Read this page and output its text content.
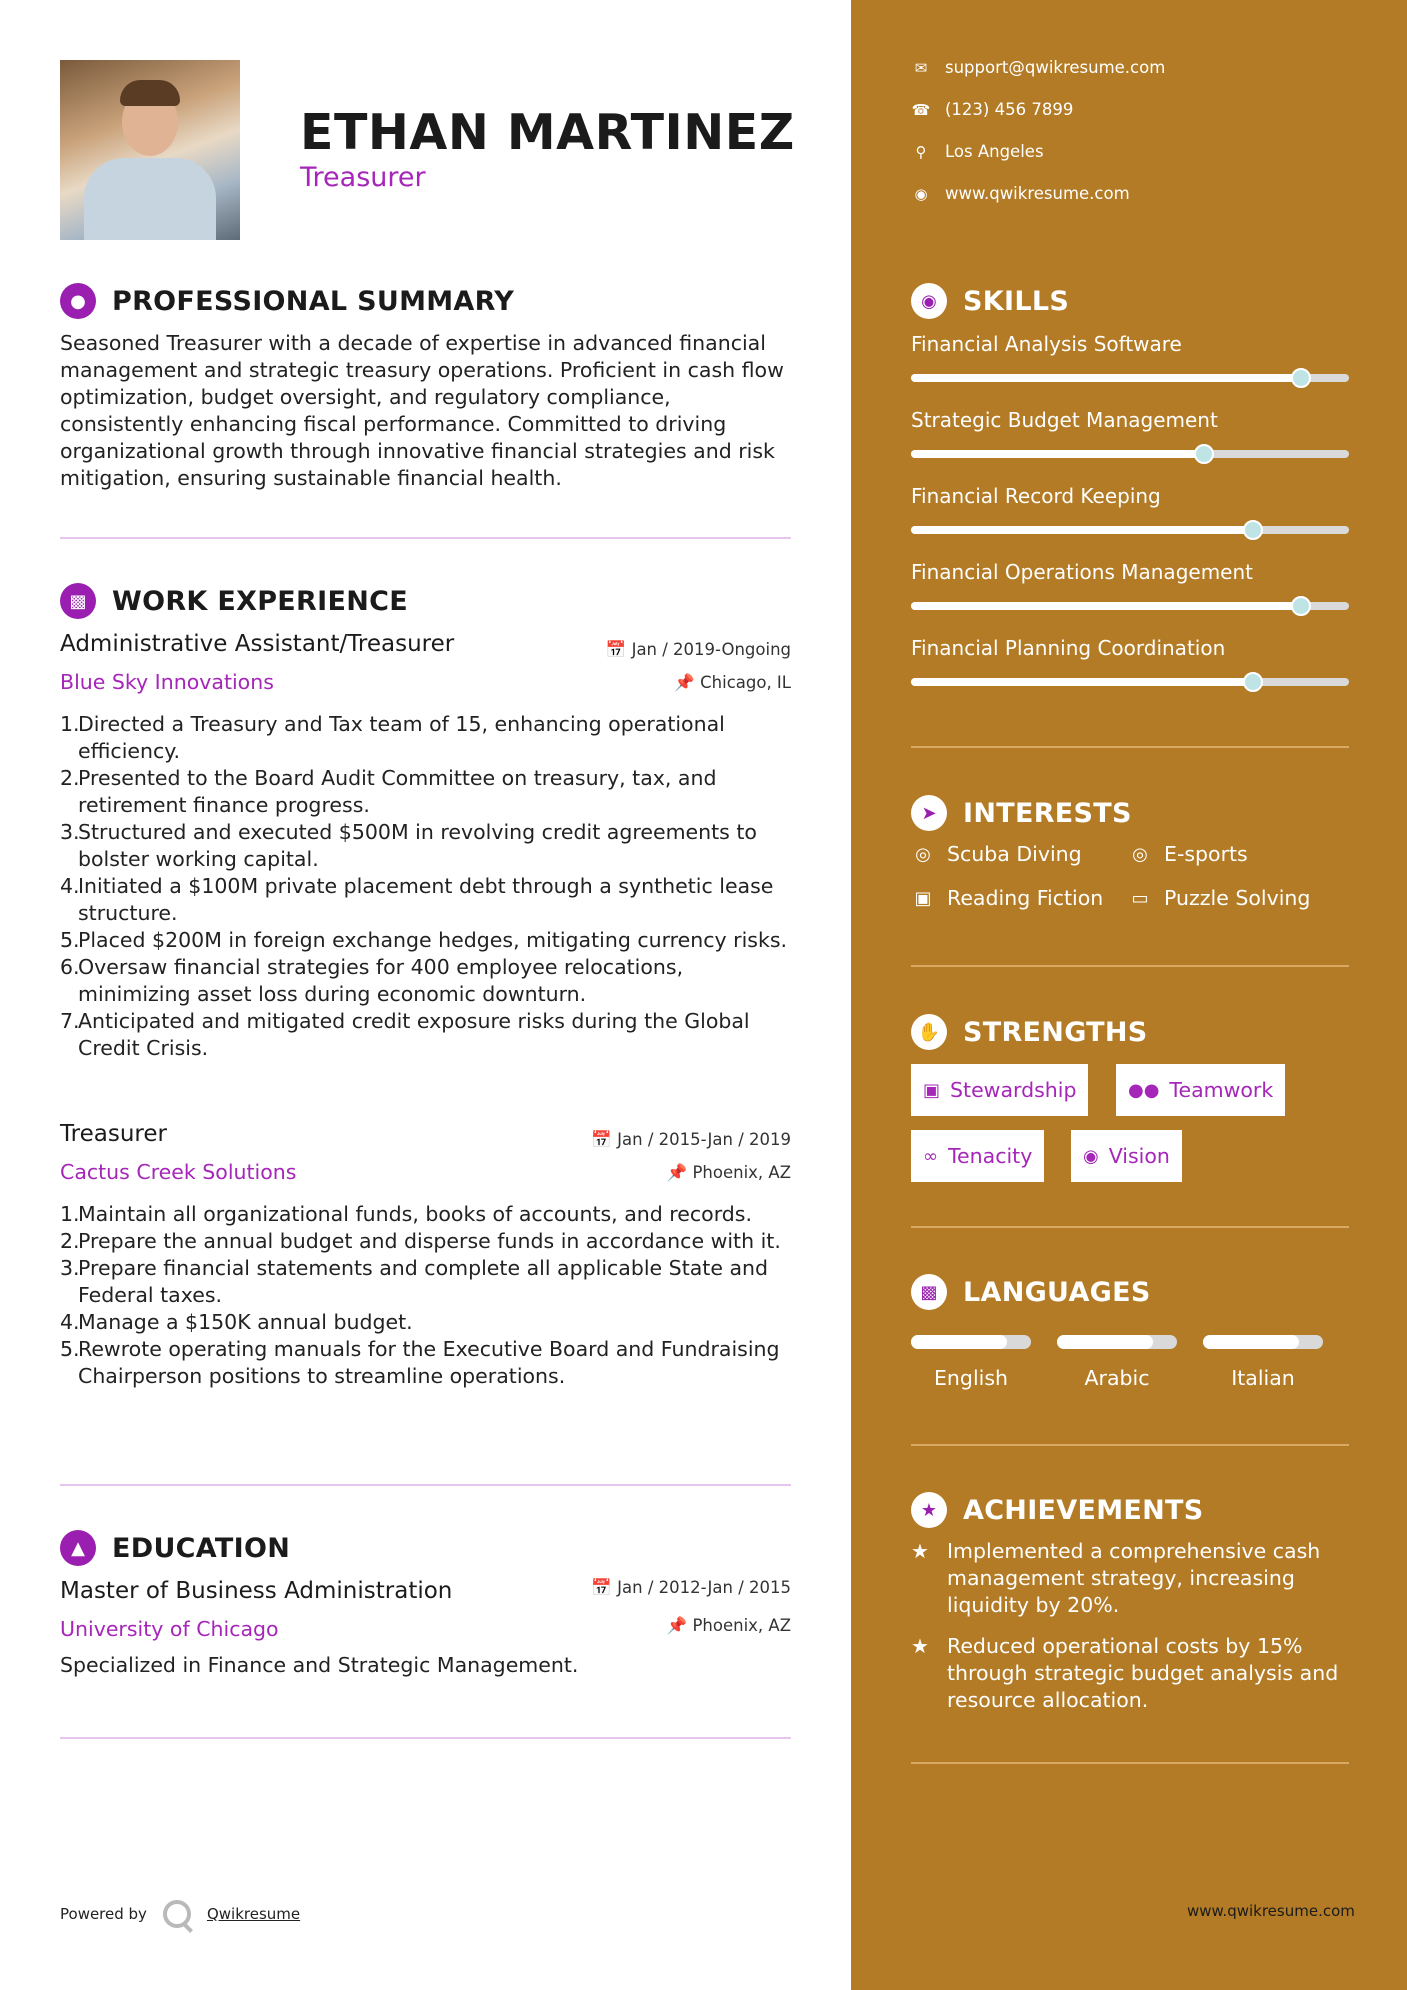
ETHAN MARTINEZ
Treasurer
● PROFESSIONAL SUMMARY
Seasoned Treasurer with a decade of expertise in advanced financial management and strategic treasury operations. Proficient in cash flow optimization, budget oversight, and regulatory compliance, consistently enhancing fiscal performance. Committed to driving organizational growth through innovative financial strategies and risk mitigation, ensuring sustainable financial health.
▩ WORK EXPERIENCE
Administrative Assistant/Treasurer	📅 Jan / 2019-Ongoing
Blue Sky Innovations	📌 Chicago, IL
1.
Directed a Treasury and Tax team of 15, enhancing operational efficiency.
2.
Presented to the Board Audit Committee on treasury, tax, and retirement finance progress.
3.
Structured and executed $500M in revolving credit agreements to bolster working capital.
4.
Initiated a $100M private placement debt through a synthetic lease structure.
5.
Placed $200M in foreign exchange hedges, mitigating currency risks.
6.
Oversaw financial strategies for 400 employee relocations, minimizing asset loss during economic downturn.
7.
Anticipated and mitigated credit exposure risks during the Global Credit Crisis.
Treasurer	📅 Jan / 2015-Jan / 2019
Cactus Creek Solutions	📌 Phoenix, AZ
1.
Maintain all organizational funds, books of accounts, and records.
2.
Prepare the annual budget and disperse funds in accordance with it.
3.
Prepare financial statements and complete all applicable State and Federal taxes.
4.
Manage a $150K annual budget.
5.
Rewrote operating manuals for the Executive Board and Fundraising Chairperson positions to streamline operations.
▲	EDUCATION
Master of Business Administration	📅 Jan / 2012-Jan / 2015
University of Chicago	📌 Phoenix, AZ
Specialized in Finance and Strategic Management.
Powered by	Qwikresume
✉ support@qwikresume.com
☎ (123) 456 7899
⚲ Los Angeles
◉ www.qwikresume.com
◉ SKILLS
Financial Analysis Software
Strategic Budget Management
Financial Record Keeping
Financial Operations Management
Financial Planning Coordination
➤ INTERESTS
◎ Scuba Diving	◎ E-sports
▣ Reading Fiction ▭ Puzzle Solving
✋ STRENGTHS
▣ Stewardship	●● Teamwork
∞ Tenacity	◉ Vision
▩ LANGUAGES
English	Arabic	Italian
★ ACHIEVEMENTS
★ Implemented a comprehensive cash management strategy, increasing liquidity by 20%.
★ Reduced operational costs by 15% through strategic budget analysis and resource allocation.
www.qwikresume.com
